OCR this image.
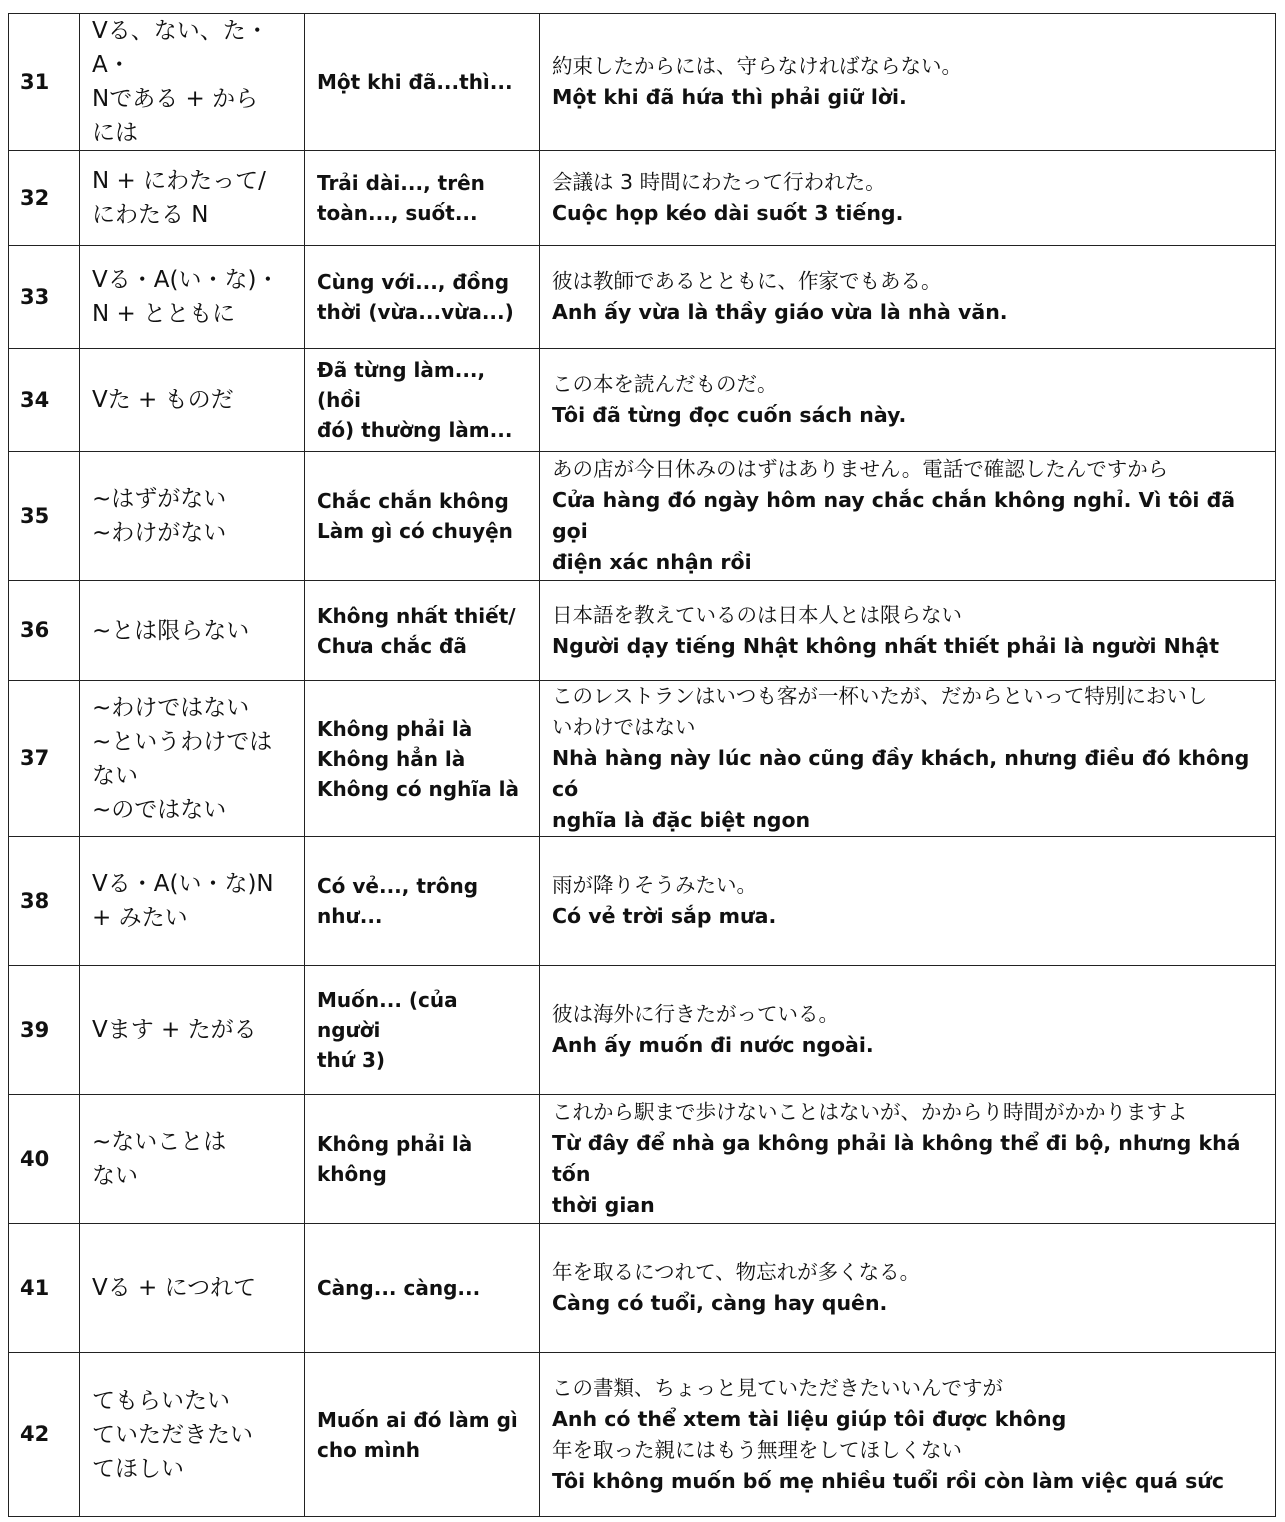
31	Vる、ない、た・A・
Nである + から
には	Một khi đã...thì...	約束したからには、守らなければならない。
Một khi đã hứa thì phải giữ lời.

32	N + にわたって/
にわたる N	Trải dài..., trên
toàn..., suốt...	会議は 3 時間にわたって行われた。
Cuộc họp kéo dài suốt 3 tiếng.

33	Vる・A(い・な)・
N + とともに	Cùng với..., đồng
thời (vừa...vừa...)	彼は教師であるとともに、作家でもある。
Anh ấy vừa là thầy giáo vừa là nhà văn.

34	Vた + ものだ	Đã từng làm..., (hồi
đó) thường làm...	この本を読んだものだ。
Tôi đã từng đọc cuốn sách này.

35	~はずがない
~わけがない	Chắc chắn không
Làm gì có chuyện	あの店が今日休みのはずはありません。電話で確認したんですから
Cửa hàng đó ngày hôm nay chắc chắn không nghỉ. Vì tôi đã gọi
điện xác nhận rồi

36	~とは限らない	Không nhất thiết/
Chưa chắc đã	日本語を教えているのは日本人とは限らない
Người dạy tiếng Nhật không nhất thiết phải là người Nhật

37	~わけではない
~というわけでは
ない
~のではない	Không phải là
Không hẳn là
Không có nghĩa là	このレストランはいつも客が一杯いたが、だからといって特別においし
いわけではない
Nhà hàng này lúc nào cũng đầy khách, nhưng điều đó không có
nghĩa là đặc biệt ngon

38	Vる・A(い・な)N
+ みたい	Có vẻ..., trông
như...	雨が降りそうみたい。
Có vẻ trời sắp mưa.

39	Vます + たがる	Muốn... (của người
thứ 3)	彼は海外に行きたがっている。
Anh ấy muốn đi nước ngoài.

40	~ないことは
ない	Không phải là
không	これから駅まで歩けないことはないが、かからり時間がかかりますよ
Từ đây để nhà ga không phải là không thể đi bộ, nhưng khá tốn
thời gian

41	Vる + につれて	Càng... càng...	年を取るにつれて、物忘れが多くなる。
Càng có tuổi, càng hay quên.

42	てもらいたい
ていただきたい
てほしい	Muốn ai đó làm gì
cho mình	この書類、ちょっと見ていただきたいいんですが
Anh có thể xtem tài liệu giúp tôi được không
年を取った親にはもう無理をしてほしくない
Tôi không muốn bố mẹ nhiều tuổi rồi còn làm việc quá sức
